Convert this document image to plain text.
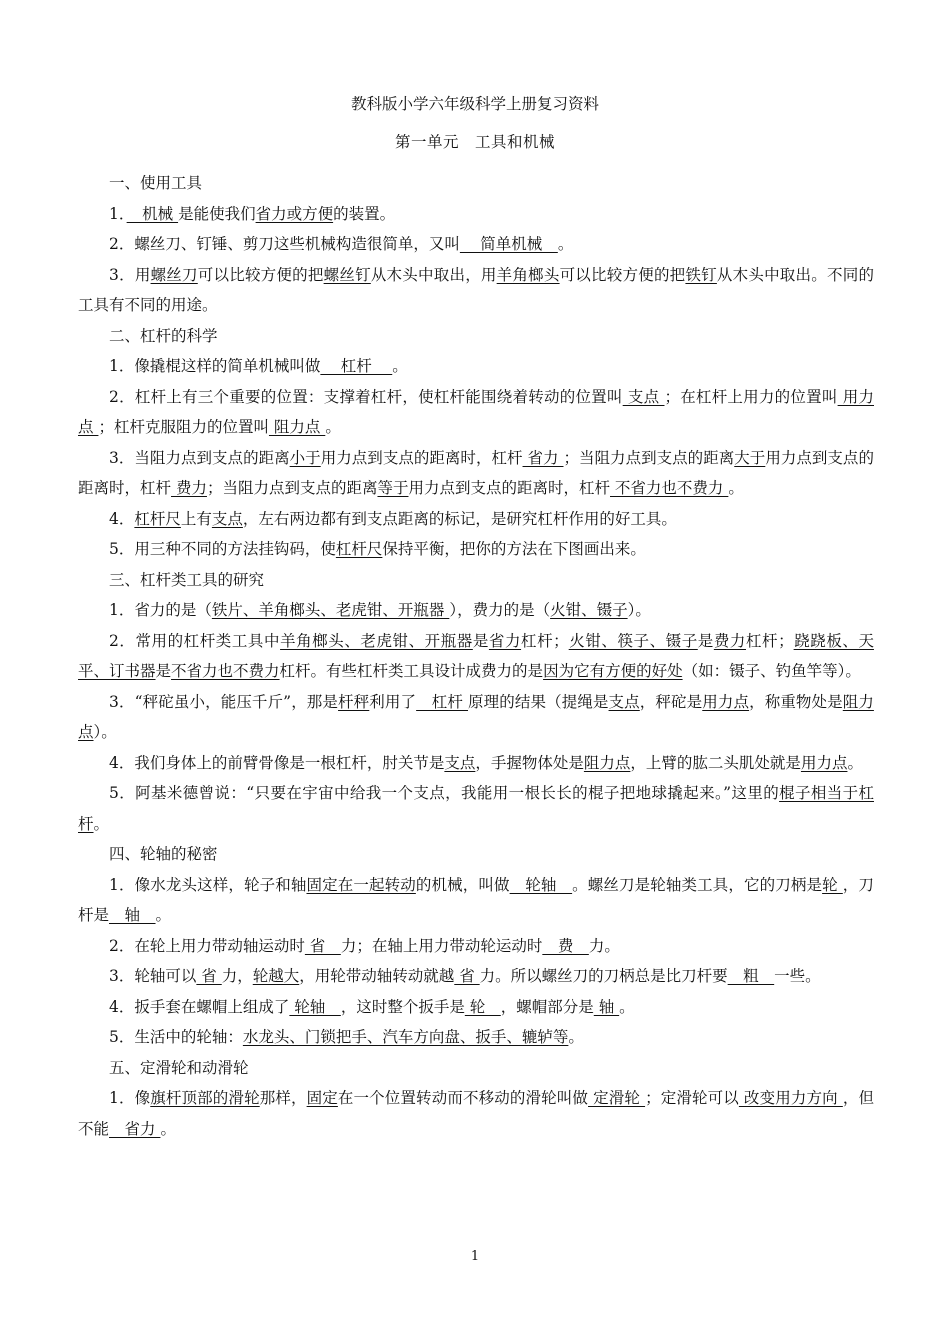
教科版小学六年级科学上册复习资料
第一单元　工具和机械

一、使用工具

1．　机械 是能使我们省力或方便的装置。

2．螺丝刀、钉锤、剪刀这些机械构造很简单，又叫　 简单机械　。

3．用螺丝刀可以比较方便的把螺丝钉从木头中取出，用羊角榔头可以比较方便的把铁钉从木头中取出。不同的工具有不同的用途。

二、杠杆的科学

1．像撬棍这样的简单机械叫做　 杠杆　 。

2．杠杆上有三个重要的位置：支撑着杠杆，使杠杆能围绕着转动的位置叫 支点 ；在杠杆上用力的位置叫 用力点 ；杠杆克服阻力的位置叫 阻力点 。

3．当阻力点到支点的距离小于用力点到支点的距离时，杠杆 省力 ；当阻力点到支点的距离大于用力点到支点的距离时，杠杆 费力；当阻力点到支点的距离等于用力点到支点的距离时，杠杆 不省力也不费力 。

4．杠杆尺上有支点，左右两边都有到支点距离的标记，是研究杠杆作用的好工具。

5．用三种不同的方法挂钩码，使杠杆尺保持平衡，把你的方法在下图画出来。

三、杠杆类工具的研究

1．省力的是（铁片、羊角榔头、老虎钳、开瓶器 ），费力的是（火钳、镊子）。

2．常用的杠杆类工具中羊角榔头、老虎钳、开瓶器是省力杠杆；火钳、筷子、镊子是费力杠杆；跷跷板、天平、订书器是不省力也不费力杠杆。有些杠杆类工具设计成费力的是因为它有方便的好处（如：镊子、钓鱼竿等）。

3．“秤砣虽小，能压千斤”，那是杆秤利用了　杠杆 原理的结果（提绳是支点，秤砣是用力点，称重物处是阻力点）。

4．我们身体上的前臂骨像是一根杠杆，肘关节是支点，手握物体处是阻力点，上臂的肱二头肌处就是用力点。

5．阿基米德曾说：“只要在宇宙中给我一个支点，我能用一根长长的棍子把地球撬起来。”这里的棍子相当于杠杆。

四、轮轴的秘密

1．像水龙头这样，轮子和轴固定在一起转动的机械，叫做　轮轴　。螺丝刀是轮轴类工具，它的刀柄是轮 ，刀杆是　轴　。

2．在轮上用力带动轴运动时 省　力；在轴上用力带动轮运动时　费　力。

3．轮轴可以 省 力，轮越大，用轮带动轴转动就越 省 力。所以螺丝刀的刀柄总是比刀杆要　粗　一些。

4．扳手套在螺帽上组成了 轮轴　，这时整个扳手是 轮　，螺帽部分是 轴 。

5．生活中的轮轴：水龙头、门锁把手、汽车方向盘、扳手、辘轳等。

五、定滑轮和动滑轮

1．像旗杆顶部的滑轮那样，固定在一个位置转动而不移动的滑轮叫做 定滑轮 ；定滑轮可以 改变用力方向 ，但不能　省力 。

1
